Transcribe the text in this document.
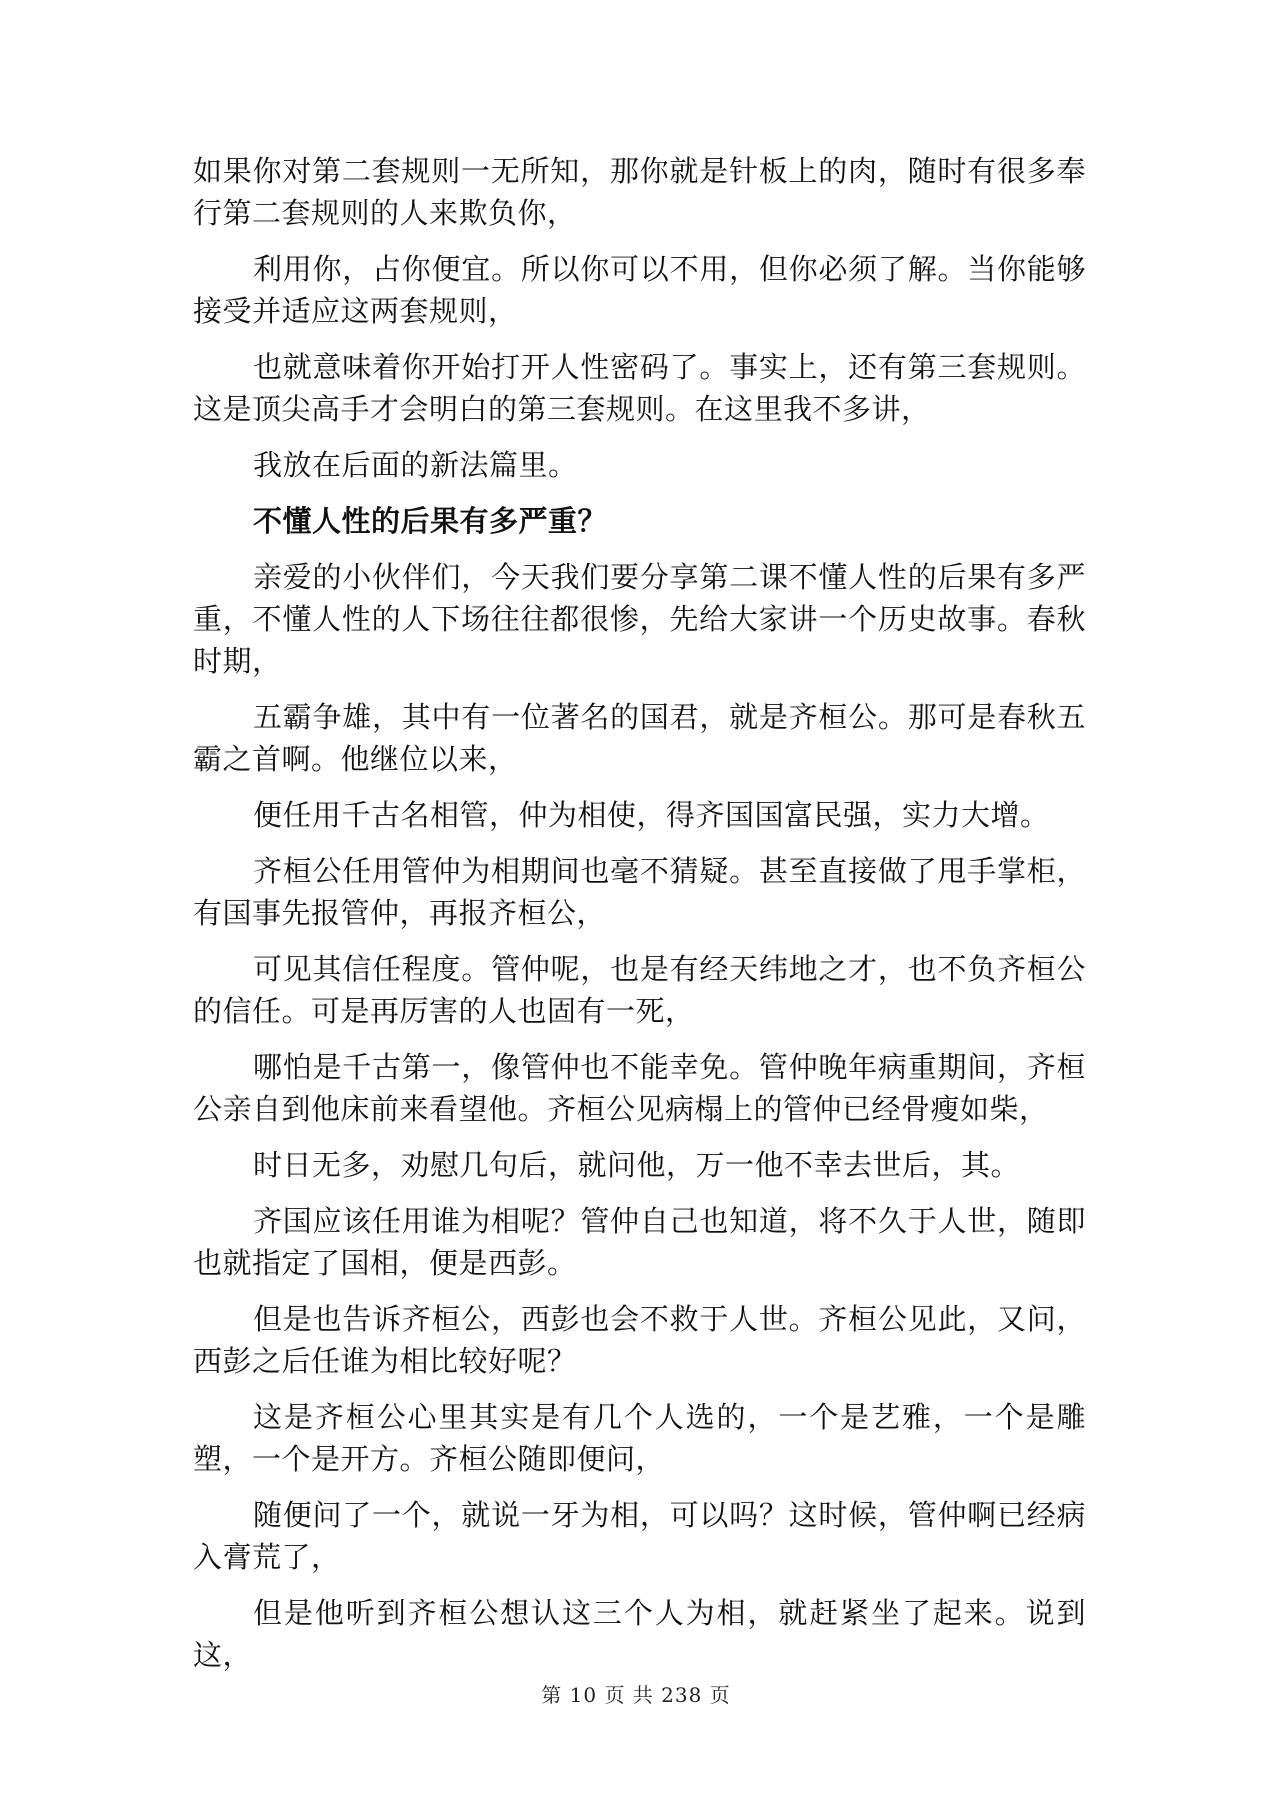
如果你对第二套规则一无所知，那你就是针板上的肉，随时有很多奉行第二套规则的人来欺负你，

利用你，占你便宜。所以你可以不用，但你必须了解。当你能够接受并适应这两套规则，

也就意味着你开始打开人性密码了。事实上，还有第三套规则。这是顶尖高手才会明白的第三套规则。在这里我不多讲，

我放在后面的新法篇里。

不懂人性的后果有多严重？

亲爱的小伙伴们，今天我们要分享第二课不懂人性的后果有多严重，不懂人性的人下场往往都很惨，先给大家讲一个历史故事。春秋时期，

五霸争雄，其中有一位著名的国君，就是齐桓公。那可是春秋五霸之首啊。他继位以来，

便任用千古名相管，仲为相使，得齐国国富民强，实力大增。

齐桓公任用管仲为相期间也毫不猜疑。甚至直接做了甩手掌柜，有国事先报管仲，再报齐桓公，

可见其信任程度。管仲呢，也是有经天纬地之才，也不负齐桓公的信任。可是再厉害的人也固有一死，

哪怕是千古第一，像管仲也不能幸免。管仲晚年病重期间，齐桓公亲自到他床前来看望他。齐桓公见病榻上的管仲已经骨瘦如柴，

时日无多，劝慰几句后，就问他，万一他不幸去世后，其。

齐国应该任用谁为相呢？管仲自己也知道，将不久于人世，随即也就指定了国相，便是西彭。

但是也告诉齐桓公，西彭也会不救于人世。齐桓公见此，又问，西彭之后任谁为相比较好呢？

这是齐桓公心里其实是有几个人选的，一个是艺雅，一个是雕塑，一个是开方。齐桓公随即便问，

随便问了一个，就说一牙为相，可以吗？这时候，管仲啊已经病入膏荒了，

但是他听到齐桓公想认这三个人为相，就赶紧坐了起来。说到这，

第 10 页 共 238 页
